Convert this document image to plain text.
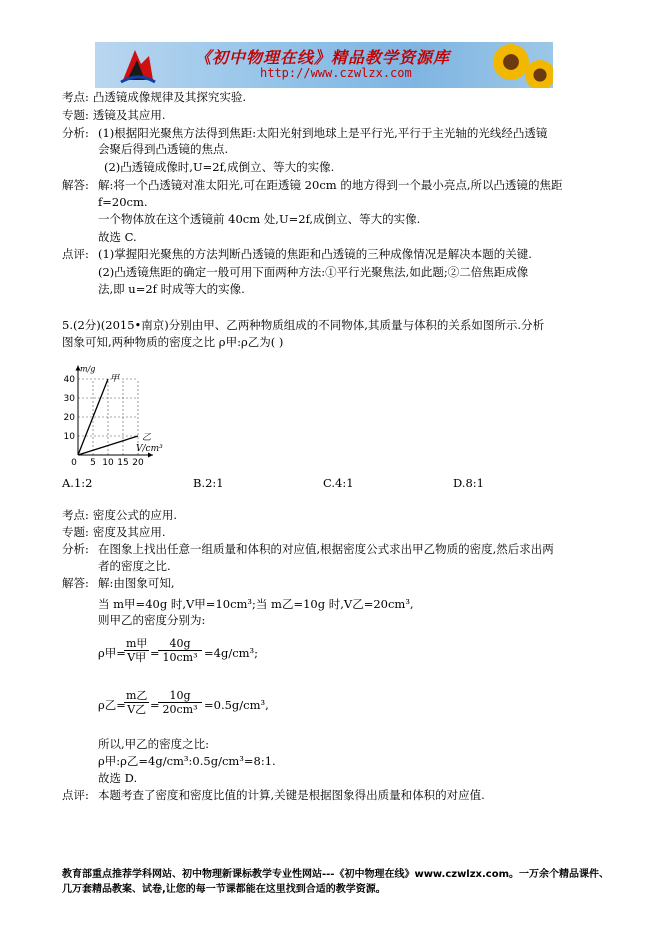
《初中物理在线》精品教学资源库
http://www.czwlzx.com
考点: 凸透镜成像规律及其探究实验.
专题: 透镜及其应用.
分析: (1)根据阳光聚焦方法得到焦距:太阳光射到地球上是平行光,平行于主光轴的光线经凸透镜
会聚后得到凸透镜的焦点.
(2)凸透镜成像时,U=2f,成倒立、等大的实像.
解答: 解:将一个凸透镜对准太阳光,可在距透镜 20cm 的地方得到一个最小亮点,所以凸透镜的焦距
f=20cm.
一个物体放在这个透镜前 40cm 处,U=2f,成倒立、等大的实像.
故选 C.
点评: (1)掌握阳光聚焦的方法判断凸透镜的焦距和凸透镜的三种成像情况是解决本题的关键.
(2)凸透镜焦距的确定一般可用下面两种方法:①平行光聚焦法,如此题;②二倍焦距成像
法,即 u=2f 时成等大的实像.
5.(2分)(2015•南京)分别由甲、乙两种物质组成的不同物体,其质量与体积的关系如图所示.分析
图象可知,两种物质的密度之比 ρ甲:ρ乙为( )
0 5 10 15 20
10
20
30
40
m/g
V/cm³
甲
乙
A.1:2	B.2:1	C.4:1	D.8:1
考点: 密度公式的应用.
专题: 密度及其应用.
分析: 在图象上找出任意一组质量和体积的对应值,根据密度公式求出甲乙物质的密度,然后求出两
者的密度之比.
解答: 解:由图象可知,
当 m甲=40g 时,V甲=10cm³;当 m乙=10g 时,V乙=20cm³,
则甲乙的密度分别为:
ρ甲=
m甲
V甲 =
$\frac{40g}{\text{10cm³}} =4g/cm^3$;
ρ乙=
m乙
V乙 =
$\frac{10g}{\text{20cm³}} =0.5g/cm^3$,
所以,甲乙的密度之比:
ρ甲:ρ乙=4g/cm³:0.5g/cm³=8:1.
故选 D.
点评: 本题考查了密度和密度比值的计算,关键是根据图象得出质量和体积的对应值.
教育部重点推荐学科网站、初中物理新课标教学专业性网站---《初中物理在线》www.czwlzx.com。一万余个精品课件、
几万套精品教案、试卷,让您的每一节课都能在这里找到合适的教学资源。
